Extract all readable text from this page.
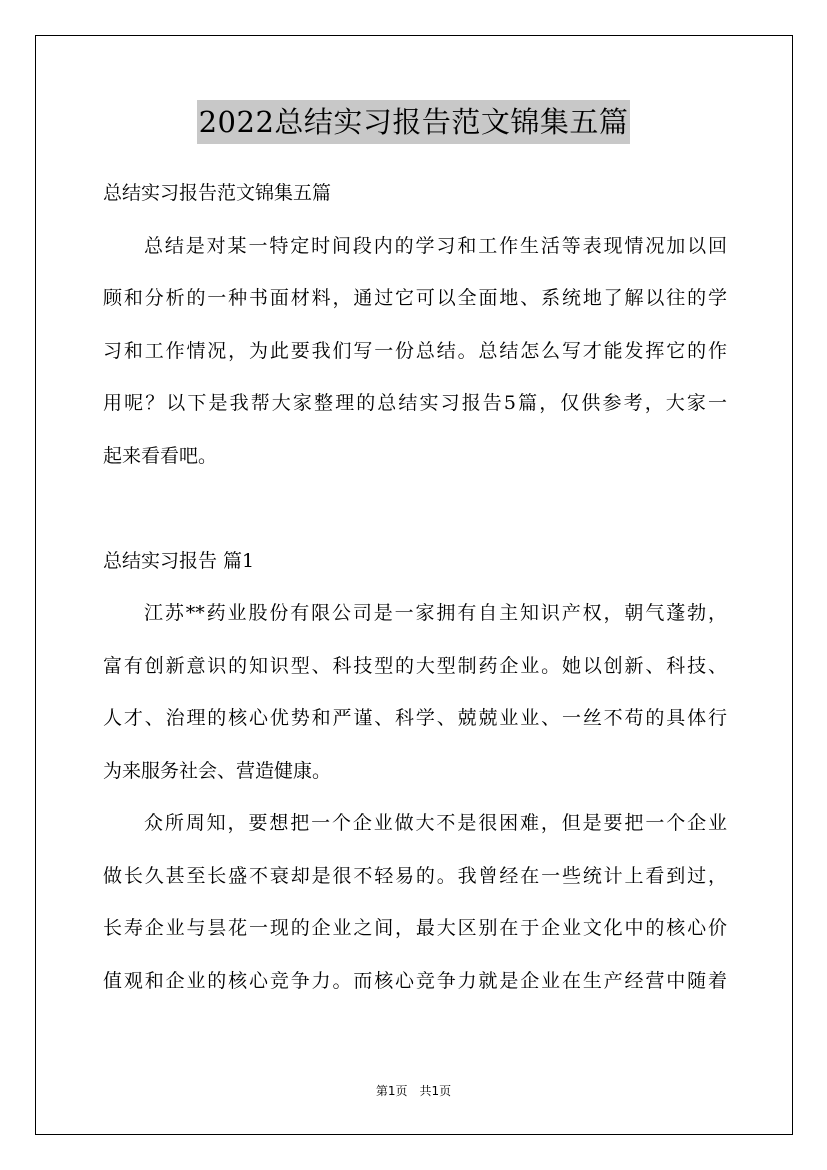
2022总结实习报告范文锦集五篇
总结实习报告范文锦集五篇
总结是对某一特定时间段内的学习和工作生活等表现情况加以回
顾和分析的一种书面材料，通过它可以全面地、系统地了解以往的学
习和工作情况，为此要我们写一份总结。总结怎么写才能发挥它的作
用呢？以下是我帮大家整理的总结实习报告5篇，仅供参考，大家一
起来看看吧。
总结实习报告 篇1
江苏**药业股份有限公司是一家拥有自主知识产权，朝气蓬勃，
富有创新意识的知识型、科技型的大型制药企业。她以创新、科技、
人才、治理的核心优势和严谨、科学、兢兢业业、一丝不苟的具体行
为来服务社会、营造健康。
众所周知，要想把一个企业做大不是很困难，但是要把一个企业
做长久甚至长盛不衰却是很不轻易的。我曾经在一些统计上看到过，
长寿企业与昙花一现的企业之间，最大区别在于企业文化中的核心价
值观和企业的核心竞争力。而核心竞争力就是企业在生产经营中随着
第1页　共1页
